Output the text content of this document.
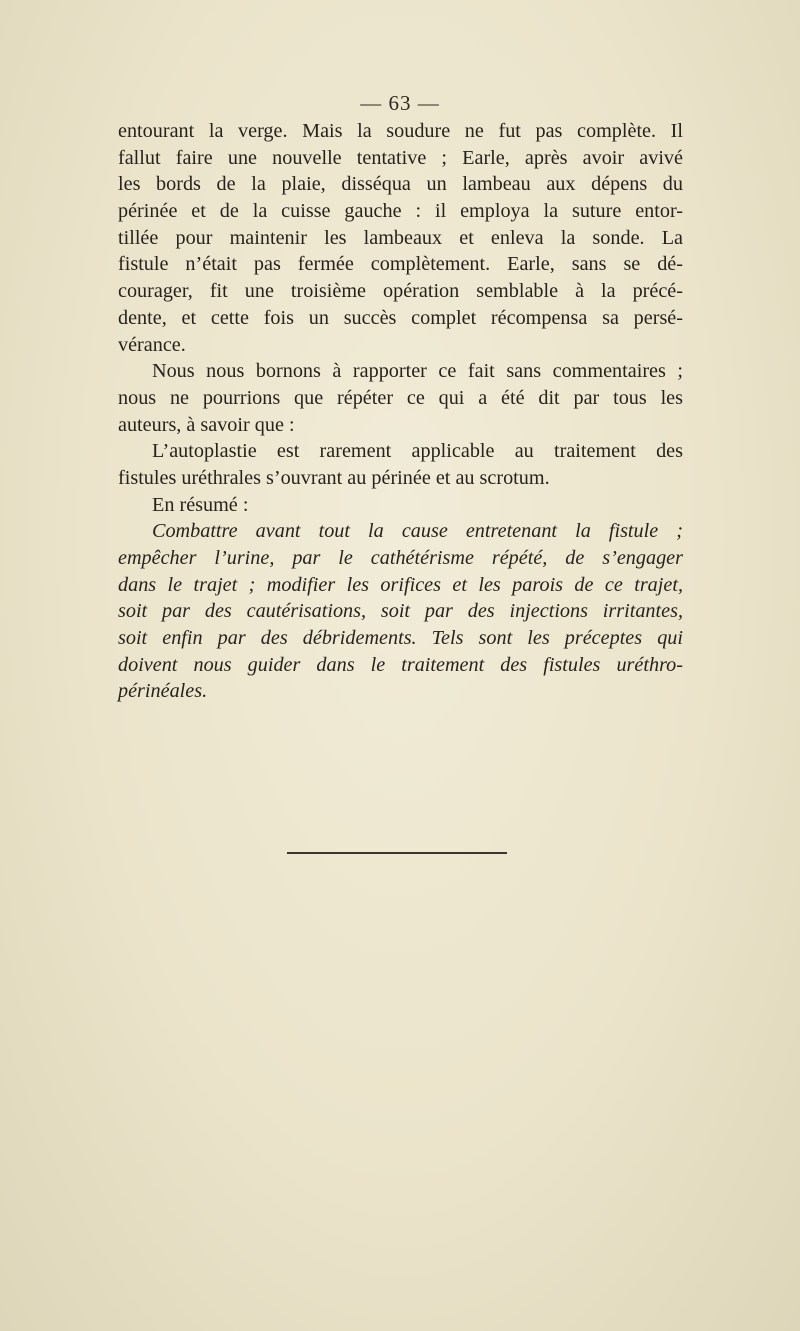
— 63 —
entourant la verge. Mais la soudure ne fut pas complète. Il
fallut faire une nouvelle tentative ; Earle, après avoir avivé
les bords de la plaie, disséqua un lambeau aux dépens du
périnée et de la cuisse gauche : il employa la suture entor-
tillée pour maintenir les lambeaux et enleva la sonde. La
fistule n’était pas fermée complètement. Earle, sans se dé-
courager, fit une troisième opération semblable à la précé-
dente, et cette fois un succès complet récompensa sa persé-
vérance.
Nous nous bornons à rapporter ce fait sans commentaires ;
nous ne pourrions que répéter ce qui a été dit par tous les
auteurs, à savoir que :
L’autoplastie est rarement applicable au traitement des
fistules uréthrales s’ouvrant au périnée et au scrotum.
En résumé :
Combattre avant tout la cause entretenant la fistule ;
empêcher l’urine, par le cathétérisme répété, de s’engager
dans le trajet ; modifier les orifices et les parois de ce trajet,
soit par des cautérisations, soit par des injections irritantes,
soit enfin par des débridements. Tels sont les préceptes qui
doivent nous guider dans le traitement des fistules uréthro-
périnéales.
